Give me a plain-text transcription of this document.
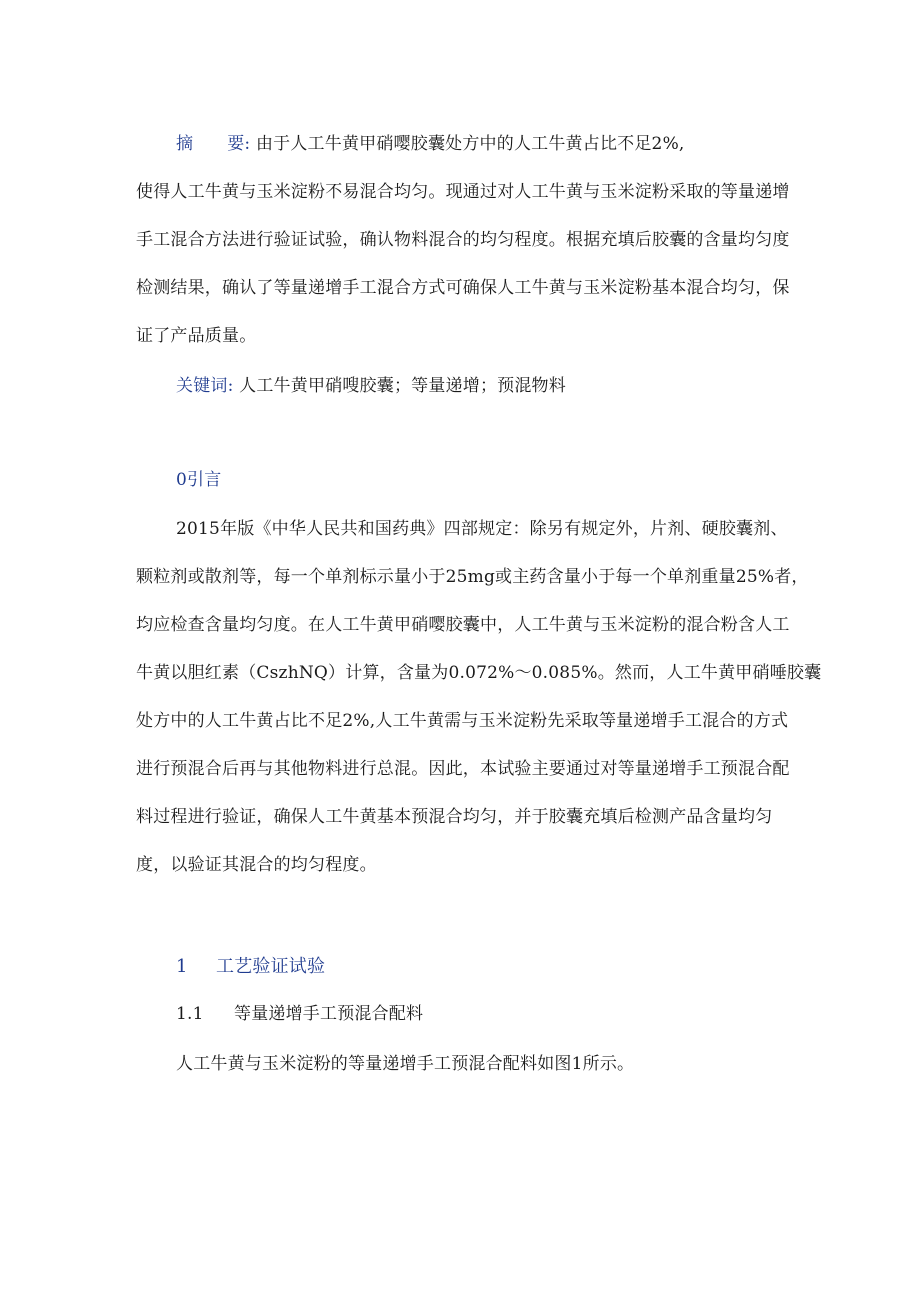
摘 要: 由于人工牛黄甲硝嘤胶囊处方中的人工牛黄占比不足2%,
使得人工牛黄与玉米淀粉不易混合均匀。现通过对人工牛黄与玉米淀粉采取的等量递增
手工混合方法进行验证试验，确认物料混合的均匀程度。根据充填后胶囊的含量均匀度
检测结果，确认了等量递增手工混合方式可确保人工牛黄与玉米淀粉基本混合均匀，保
证了产品质量。
关键词: 人工牛黄甲硝嗖胶囊；等量递增；预混物料
0引言
2015年版《中华人民共和国药典》四部规定：除另有规定外，片剂、硬胶囊剂、
颗粒剂或散剂等，每一个单剂标示量小于25mg或主药含量小于每一个单剂重量25%者，
均应检查含量均匀度。在人工牛黄甲硝嘤胶囊中，人工牛黄与玉米淀粉的混合粉含人工
牛黄以胆红素（CszhNQ）计算，含量为0.072%～0.085%。然而，人工牛黄甲硝唾胶囊
处方中的人工牛黄占比不足2%,人工牛黄需与玉米淀粉先采取等量递增手工混合的方式
进行预混合后再与其他物料进行总混。因此，本试验主要通过对等量递增手工预混合配
料过程进行验证，确保人工牛黄基本预混合均匀，并于胶囊充填后检测产品含量均匀
度，以验证其混合的均匀程度。
1 工艺验证试验
1.1 等量递增手工预混合配料
人工牛黄与玉米淀粉的等量递增手工预混合配料如图1所示。
